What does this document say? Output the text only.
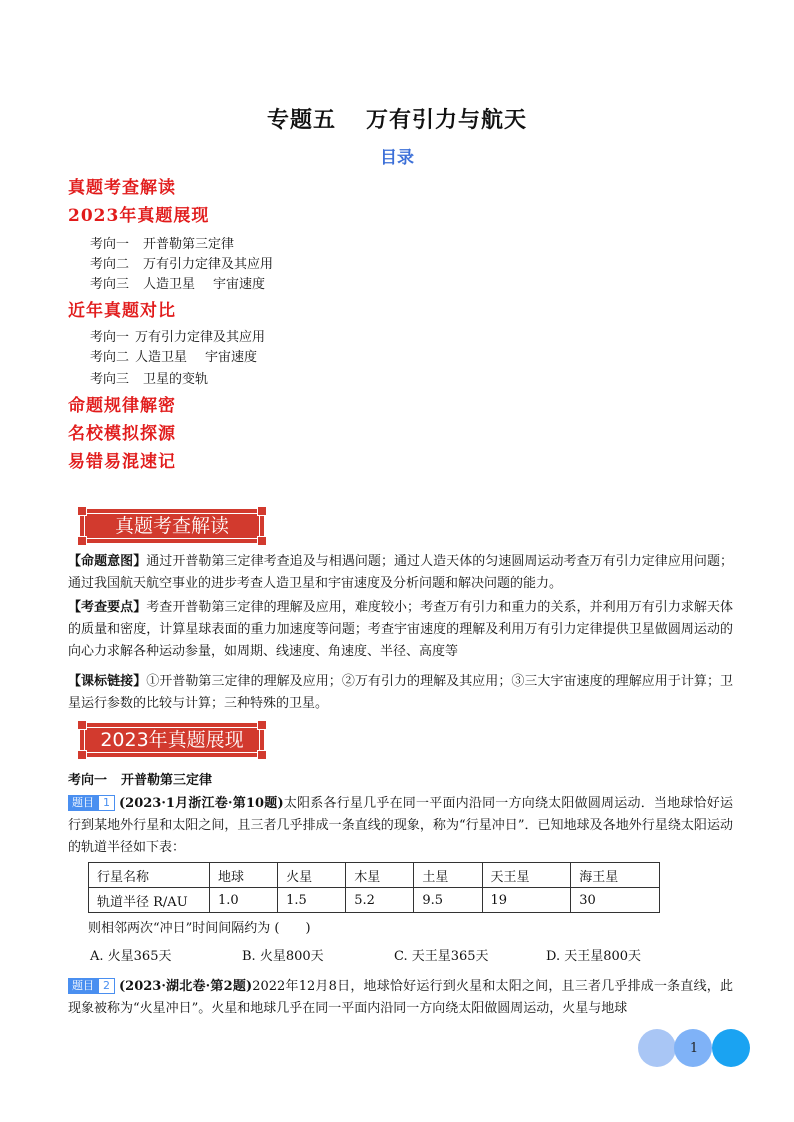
专题五 万有引力与航天
目录
真题考查解读
2023年真题展现
考向一 开普勒第三定律
考向二 万有引力定律及其应用
考向三 人造卫星 宇宙速度
近年真题对比
考向一 万有引力定律及其应用
考向二 人造卫星 宇宙速度
考向三 卫星的变轨
命题规律解密
名校模拟探源
易错易混速记
真题考查解读
【命题意图】通过开普勒第三定律考查追及与相遇问题；通过人造天体的匀速圆周运动考查万有引力定律应用问题；通过我国航天航空事业的进步考查人造卫星和宇宙速度及分析问题和解决问题的能力。
【考查要点】考查开普勒第三定律的理解及应用，难度较小；考查万有引力和重力的关系，并利用万有引力求解天体的质量和密度，计算星球表面的重力加速度等问题；考查宇宙速度的理解及利用万有引力定律提供卫星做圆周运动的向心力求解各种运动参量，如周期、线速度、角速度、半径、高度等
【课标链接】①开普勒第三定律的理解及应用；②万有引力的理解及其应用；③三大宇宙速度的理解应用于计算；卫星运行参数的比较与计算；三种特殊的卫星。
2023年真题展现
考向一 开普勒第三定律
题目 1 (2023·1月浙江卷·第10题)太阳系各行星几乎在同一平面内沿同一方向绕太阳做圆周运动．当地球恰好运行到某地外行星和太阳之间，且三者几乎排成一条直线的现象，称为“行星冲日”．已知地球及各地外行星绕太阳运动的轨道半径如下表：
行星名称	地球	火星	木星	土星	天王星	海王星
轨道半径 R/AU	1.0	1.5	5.2	9.5	19	30
则相邻两次“冲日”时间间隔约为 (　　)
A. 火星365天	B. 火星800天	C. 天王星365天	D. 天王星800天
题目 2 (2023·湖北卷·第2题)2022年12月8日，地球恰好运行到火星和太阳之间，且三者几乎排成一条直线，此现象被称为“火星冲日”。火星和地球几乎在同一平面内沿同一方向绕太阳做圆周运动，火星与地球
1
